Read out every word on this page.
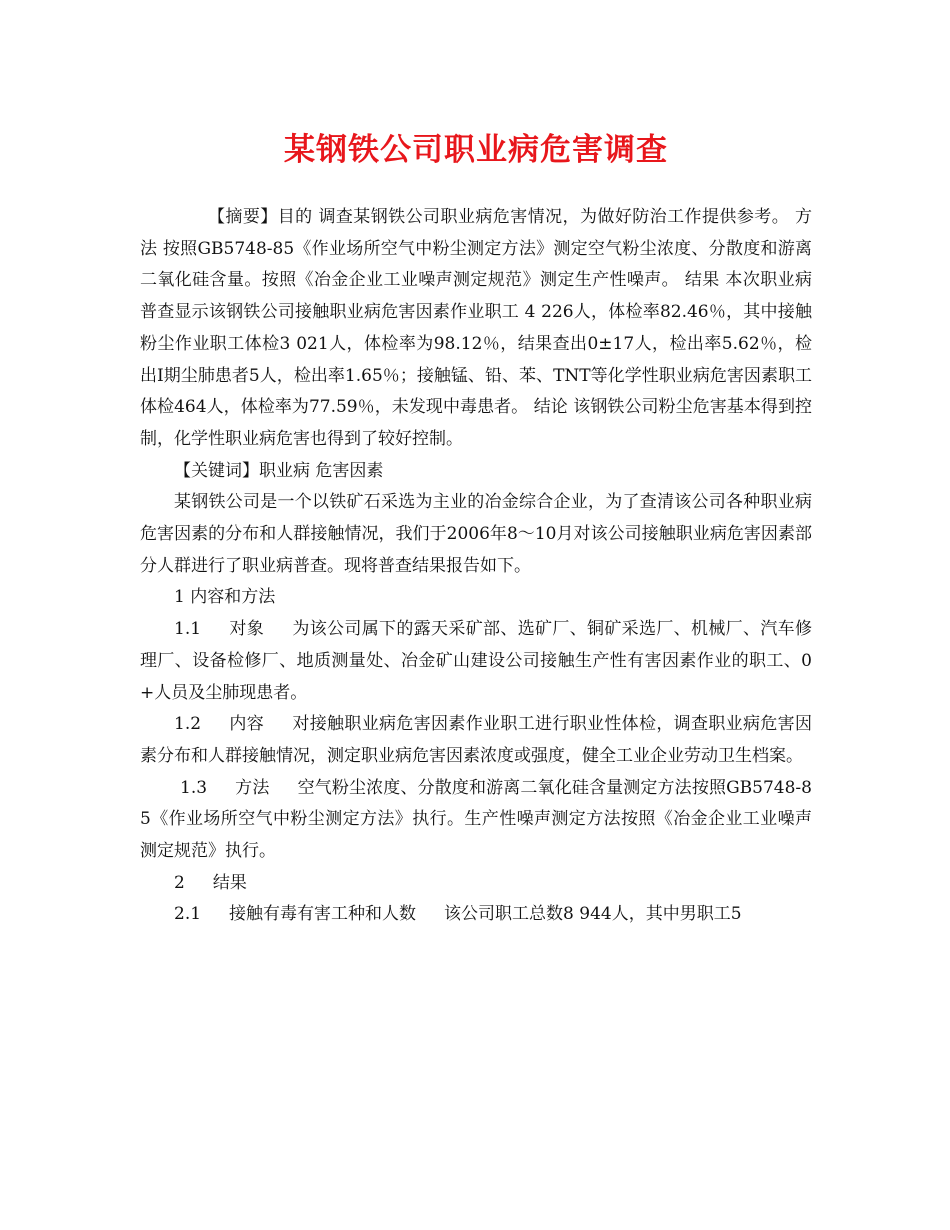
某钢铁公司职业病危害调查

【摘要】目的 调查某钢铁公司职业病危害情况，为做好防治工作提供参考。 方法 按照GB5748-85《作业场所空气中粉尘测定方法》测定空气粉尘浓度、分散度和游离二氧化硅含量。按照《冶金企业工业噪声测定规范》测定生产性噪声。 结果 本次职业病普查显示该钢铁公司接触职业病危害因素作业职工 4 226人，体检率82.46％，其中接触粉尘作业职工体检3 021人，体检率为98.12％，结果查出0±17人，检出率5.62％，检出Ⅰ期尘肺患者5人，检出率1.65％；接触锰、铅、苯、TNT等化学性职业病危害因素职工体检464人，体检率为77.59％，未发现中毒患者。 结论 该钢铁公司粉尘危害基本得到控制，化学性职业病危害也得到了较好控制。

【关键词】职业病 危害因素

某钢铁公司是一个以铁矿石采选为主业的冶金综合企业，为了查清该公司各种职业病危害因素的分布和人群接触情况，我们于2006年8～10月对该公司接触职业病危害因素部分人群进行了职业病普查。现将普查结果报告如下。

1 内容和方法

1.1 对象 为该公司属下的露天采矿部、选矿厂、铜矿采选厂、机械厂、汽车修理厂、设备检修厂、地质测量处、冶金矿山建设公司接触生产性有害因素作业的职工、0+人员及尘肺现患者。

1.2 内容 对接触职业病危害因素作业职工进行职业性体检，调查职业病危害因素分布和人群接触情况，测定职业病危害因素浓度或强度，健全工业企业劳动卫生档案。

1.3 方法 空气粉尘浓度、分散度和游离二氧化硅含量测定方法按照GB5748-85《作业场所空气中粉尘测定方法》执行。生产性噪声测定方法按照《冶金企业工业噪声测定规范》执行。

2 结果

2.1 接触有毒有害工种和人数 该公司职工总数8 944人，其中男职工5
